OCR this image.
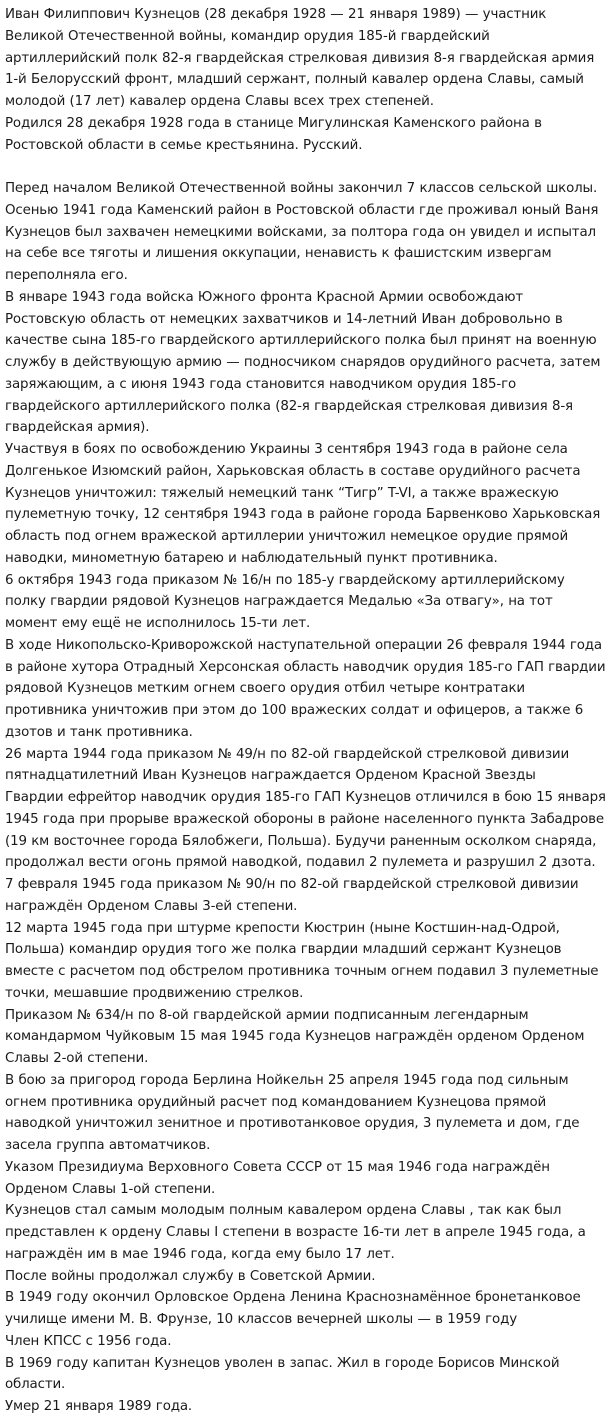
Иван Филиппович Кузнецов (28 декабря 1928 — 21 января 1989) — участник Великой Отечественной войны, командир орудия 185-й гвардейский артиллерийский полк 82-я гвардейская стрелковая дивизия 8-я гвардейская армия 1-й Белорусский фронт, младший сержант, полный кавалер ордена Славы, самый молодой (17 лет) кавалер ордена Славы всех трех степеней.

Родился 28 декабря 1928 года в станице Мигулинская Каменского района в Ростовской области в семье крестьянина. Русский.

Перед началом Великой Отечественной войны закончил 7 классов сельской школы. Осенью 1941 года Каменский район в Ростовской области где проживал юный Ваня Кузнецов был захвачен немецкими войсками, за полтора года он увидел и испытал на себе все тяготы и лишения оккупации, ненависть к фашистским извергам переполняла его.

В январе 1943 года войска Южного фронта Красной Армии освобождают Ростовскую область от немецких захватчиков и 14-летний Иван добровольно в качестве сына 185-го гвардейского артиллерийского полка был принят на военную службу в действующую армию — подносчиком снарядов орудийного расчета, затем заряжающим, а с июня 1943 года становится наводчиком орудия 185-го гвардейского артиллерийского полка (82-я гвардейская стрелковая дивизия 8-я гвардейская армия).

Участвуя в боях по освобождению Украины 3 сентября 1943 года в районе села Долгенькое Изюмский район, Харьковская область в составе орудийного расчета Кузнецов уничтожил: тяжелый немецкий танк “Тигр” T-VI, а также вражескую пулеметную точку, 12 сентября 1943 года в районе города Барвенково Харьковская область под огнем вражеской артиллерии уничтожил немецкое орудие прямой наводки, минометную батарею и наблюдательный пункт противника.

6 октября 1943 года приказом № 16/н по 185-у гвардейскому артиллерийскому полку гвардии рядовой Кузнецов награждается Медалью «За отвагу», на тот момент ему ещё не исполнилось 15-ти лет.

В ходе Никопольско-Криворожской наступательной операции 26 февраля 1944 года в районе хутора Отрадный Херсонская область наводчик орудия 185-го ГАП гвардии рядовой Кузнецов метким огнем своего орудия отбил четыре контратаки противника уничтожив при этом до 100 вражеских солдат и офицеров, а также 6 дзотов и танк противника.

26 марта 1944 года приказом № 49/н по 82-ой гвардейской стрелковой дивизии пятнадцатилетний Иван Кузнецов награждается Орденом Красной Звезды

Гвардии ефрейтор наводчик орудия 185-го ГАП Кузнецов отличился в бою 15 января 1945 года при прорыве вражеской обороны в районе населенного пункта Забадрове (19 км восточнее города Бялобжеги, Польша). Будучи раненным осколком снаряда, продолжал вести огонь прямой наводкой, подавил 2 пулемета и разрушил 2 дзота.

7 февраля 1945 года приказом № 90/н по 82-ой гвардейской стрелковой дивизии награждён Орденом Славы 3-ей степени.

12 марта 1945 года при штурме крепости Кюстрин (ныне Костшин-над-Одрой, Польша) командир орудия того же полка гвардии младший сержант Кузнецов вместе с расчетом под обстрелом противника точным огнем подавил 3 пулеметные точки, мешавшие продвижению стрелков.

Приказом № 634/н по 8-ой гвардейской армии подписанным легендарным командармом Чуйковым 15 мая 1945 года Кузнецов награждён орденом Орденом Славы 2-ой степени.

В бою за пригород города Берлина Нойкельн 25 апреля 1945 года под сильным огнем противника орудийный расчет под командованием Кузнецова прямой наводкой уничтожил зенитное и противотанковое орудия, 3 пулемета и дом, где засела группа автоматчиков.

Указом Президиума Верховного Совета СССР от 15 мая 1946 года награждён Орденом Славы 1-ой степени.

Кузнецов стал самым молодым полным кавалером ордена Славы , так как был представлен к ордену Славы I степени в возрасте 16-ти лет в апреле 1945 года, а награждён им в мае 1946 года, когда ему было 17 лет.

После войны продолжал службу в Советской Армии.

В 1949 году окончил Орловское Ордена Ленина Краснознамённое бронетанковое училище имени М. В. Фрунзе, 10 классов вечерней школы — в 1959 году

Член КПСС с 1956 года.

В 1969 году капитан Кузнецов уволен в запас. Жил в городе Борисов Минской области.

Умер 21 января 1989 года.
